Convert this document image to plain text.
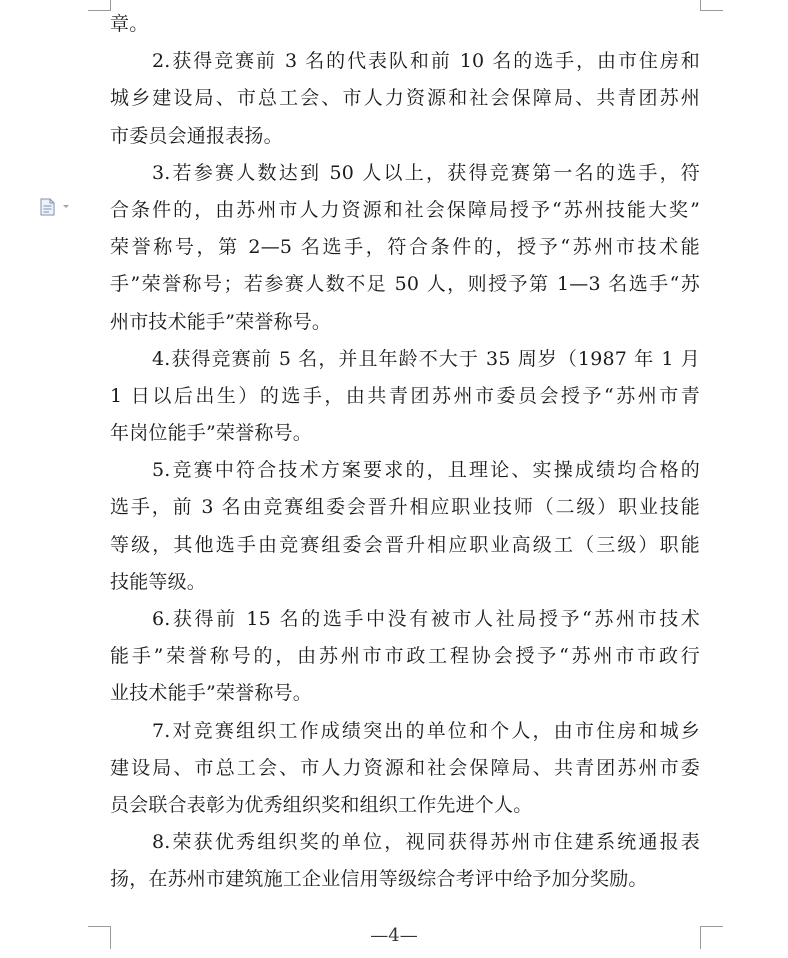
章。
2.获得竞赛前 3 名的代表队和前 10 名的选手，由市住房和
城乡建设局、市总工会、市人力资源和社会保障局、共青团苏州
市委员会通报表扬。
3.若参赛人数达到 50 人以上，获得竞赛第一名的选手，符
合条件的，由苏州市人力资源和社会保障局授予“苏州技能大奖”
荣誉称号，第 2—5 名选手，符合条件的，授予“苏州市技术能
手”荣誉称号；若参赛人数不足 50 人，则授予第 1—3 名选手“苏
州市技术能手”荣誉称号。
4.获得竞赛前 5 名，并且年龄不大于 35 周岁（1987 年 1 月
1 日以后出生）的选手，由共青团苏州市委员会授予“苏州市青
年岗位能手”荣誉称号。
5.竞赛中符合技术方案要求的，且理论、实操成绩均合格的
选手，前 3 名由竞赛组委会晋升相应职业技师（二级）职业技能
等级，其他选手由竞赛组委会晋升相应职业高级工（三级）职能
技能等级。
6.获得前 15 名的选手中没有被市人社局授予“苏州市技术
能手”荣誉称号的，由苏州市市政工程协会授予“苏州市市政行
业技术能手”荣誉称号。
7.对竞赛组织工作成绩突出的单位和个人，由市住房和城乡
建设局、市总工会、市人力资源和社会保障局、共青团苏州市委
员会联合表彰为优秀组织奖和组织工作先进个人。
8.荣获优秀组织奖的单位，视同获得苏州市住建系统通报表
扬，在苏州市建筑施工企业信用等级综合考评中给予加分奖励。
—4—
